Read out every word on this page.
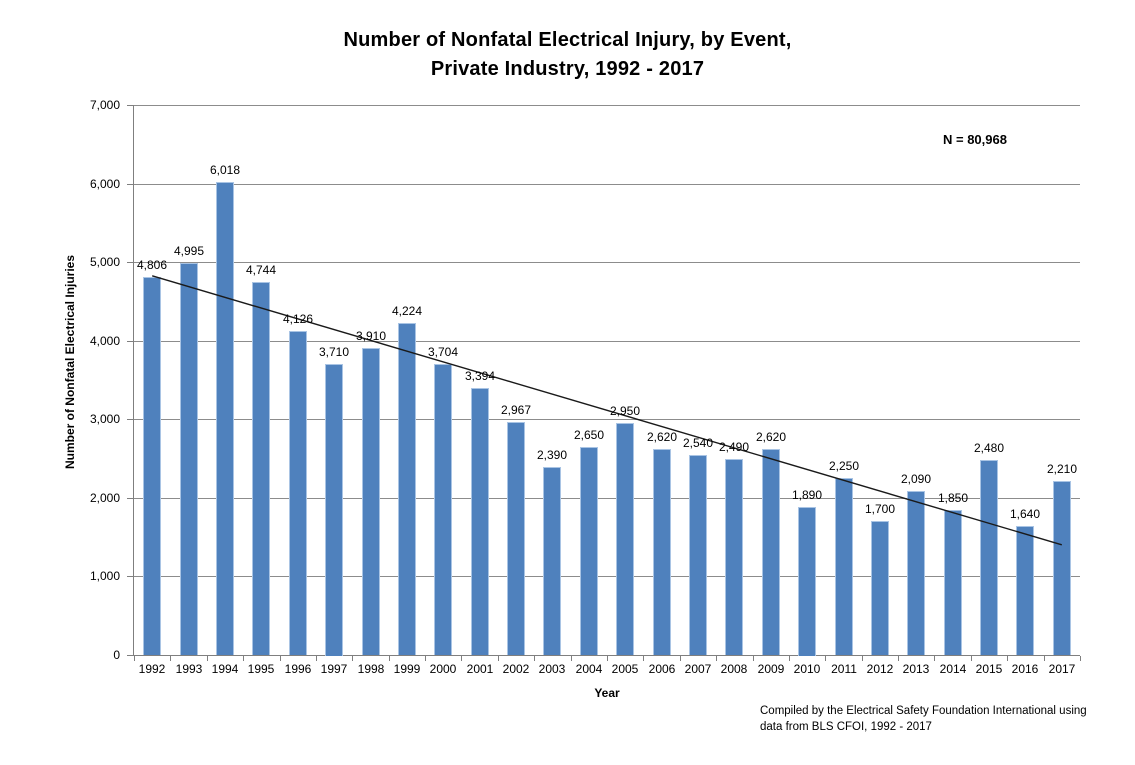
Number of Nonfatal Electrical Injury, by Event,
Private Industry, 1992 - 2017
N = 80,968
Number of Nonfatal Electrical Injuries
0
1,000
2,000
3,000
4,000
5,000
6,000
7,000
1992 1993 1994 1995 1996 1997 1998 1999 2000 2001 2002 2003 2004 2005 2006 2007 2008 2009 2010 2011 2012 2013 2014 2015 2016 2017
4,806
4,995
6,018
4,744
4,126
3,710
3,910
4,224
3,704
3,394
2,967
2,390
2,650
2,950
2,620 2,540 2,490
2,620
1,890
2,250
1,700
2,090
1,850
2,480
1,640
2,210
Year
Compiled by the Electrical Safety Foundation International using
data from BLS CFOI, 1992 - 2017
